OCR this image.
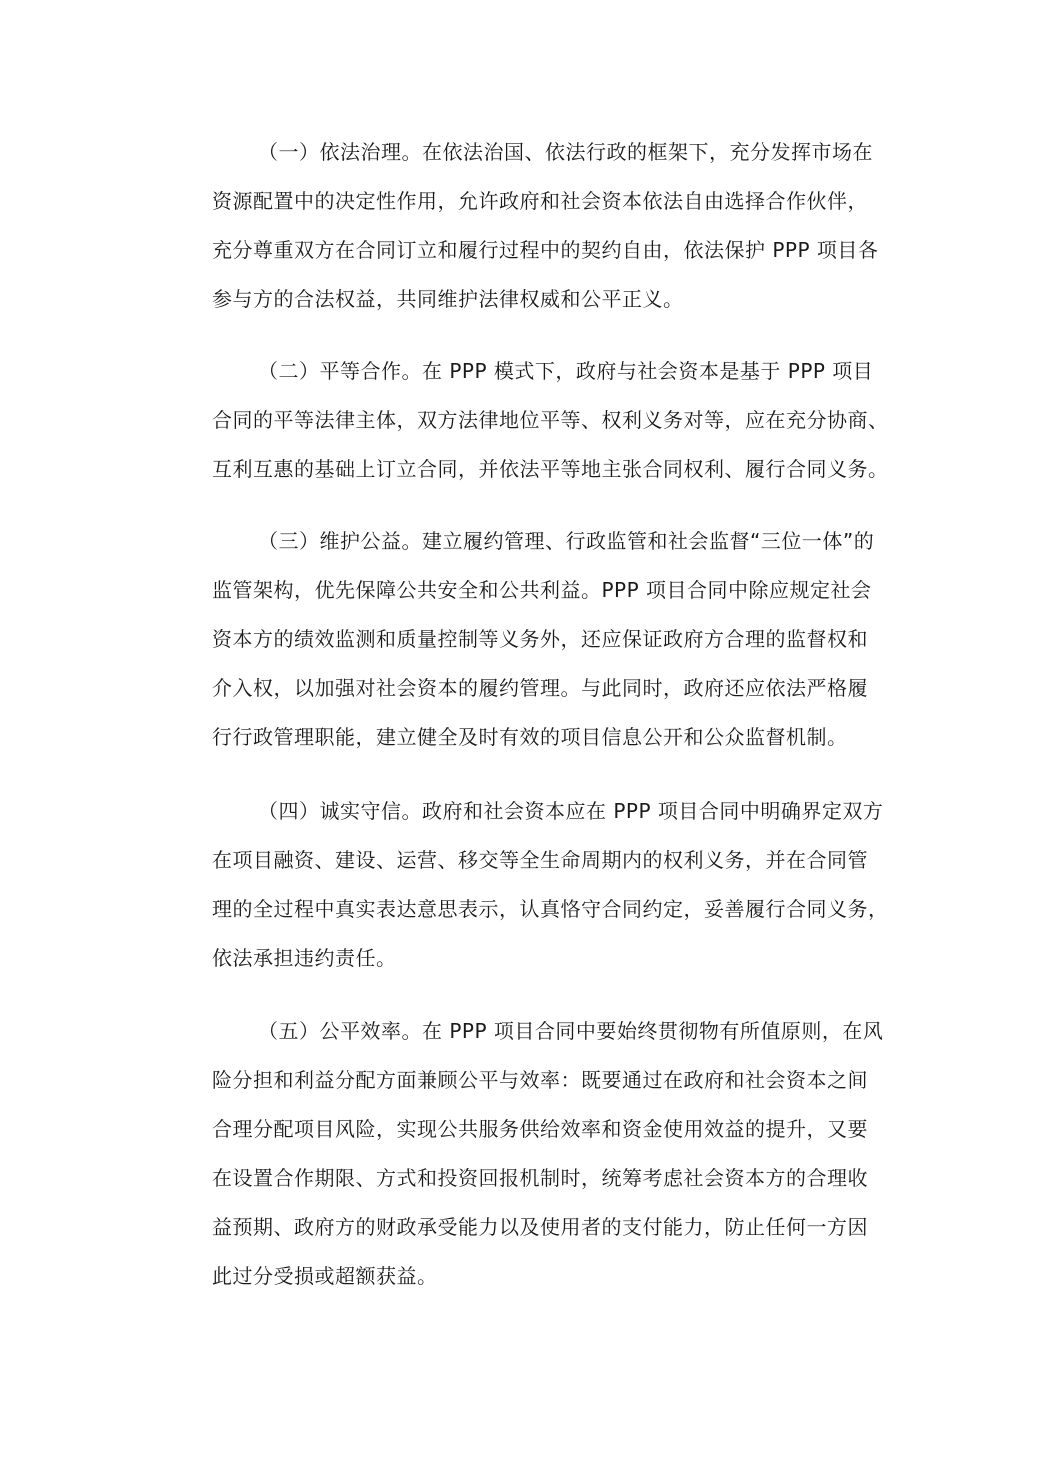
（一）依法治理。在依法治国、依法行政的框架下，充分发挥市场在
资源配置中的决定性作用，允许政府和社会资本依法自由选择合作伙伴，
充分尊重双方在合同订立和履行过程中的契约自由，依法保护 PPP 项目各
参与方的合法权益，共同维护法律权威和公平正义。

（二）平等合作。在 PPP 模式下，政府与社会资本是基于 PPP 项目
合同的平等法律主体，双方法律地位平等、权利义务对等，应在充分协商、
互利互惠的基础上订立合同，并依法平等地主张合同权利、履行合同义务。

（三）维护公益。建立履约管理、行政监管和社会监督“三位一体”的
监管架构，优先保障公共安全和公共利益。PPP 项目合同中除应规定社会
资本方的绩效监测和质量控制等义务外，还应保证政府方合理的监督权和
介入权，以加强对社会资本的履约管理。与此同时，政府还应依法严格履
行行政管理职能，建立健全及时有效的项目信息公开和公众监督机制。

（四）诚实守信。政府和社会资本应在 PPP 项目合同中明确界定双方
在项目融资、建设、运营、移交等全生命周期内的权利义务，并在合同管
理的全过程中真实表达意思表示，认真恪守合同约定，妥善履行合同义务，
依法承担违约责任。

（五）公平效率。在 PPP 项目合同中要始终贯彻物有所值原则，在风
险分担和利益分配方面兼顾公平与效率：既要通过在政府和社会资本之间
合理分配项目风险，实现公共服务供给效率和资金使用效益的提升，又要
在设置合作期限、方式和投资回报机制时，统筹考虑社会资本方的合理收
益预期、政府方的财政承受能力以及使用者的支付能力，防止任何一方因
此过分受损或超额获益。
